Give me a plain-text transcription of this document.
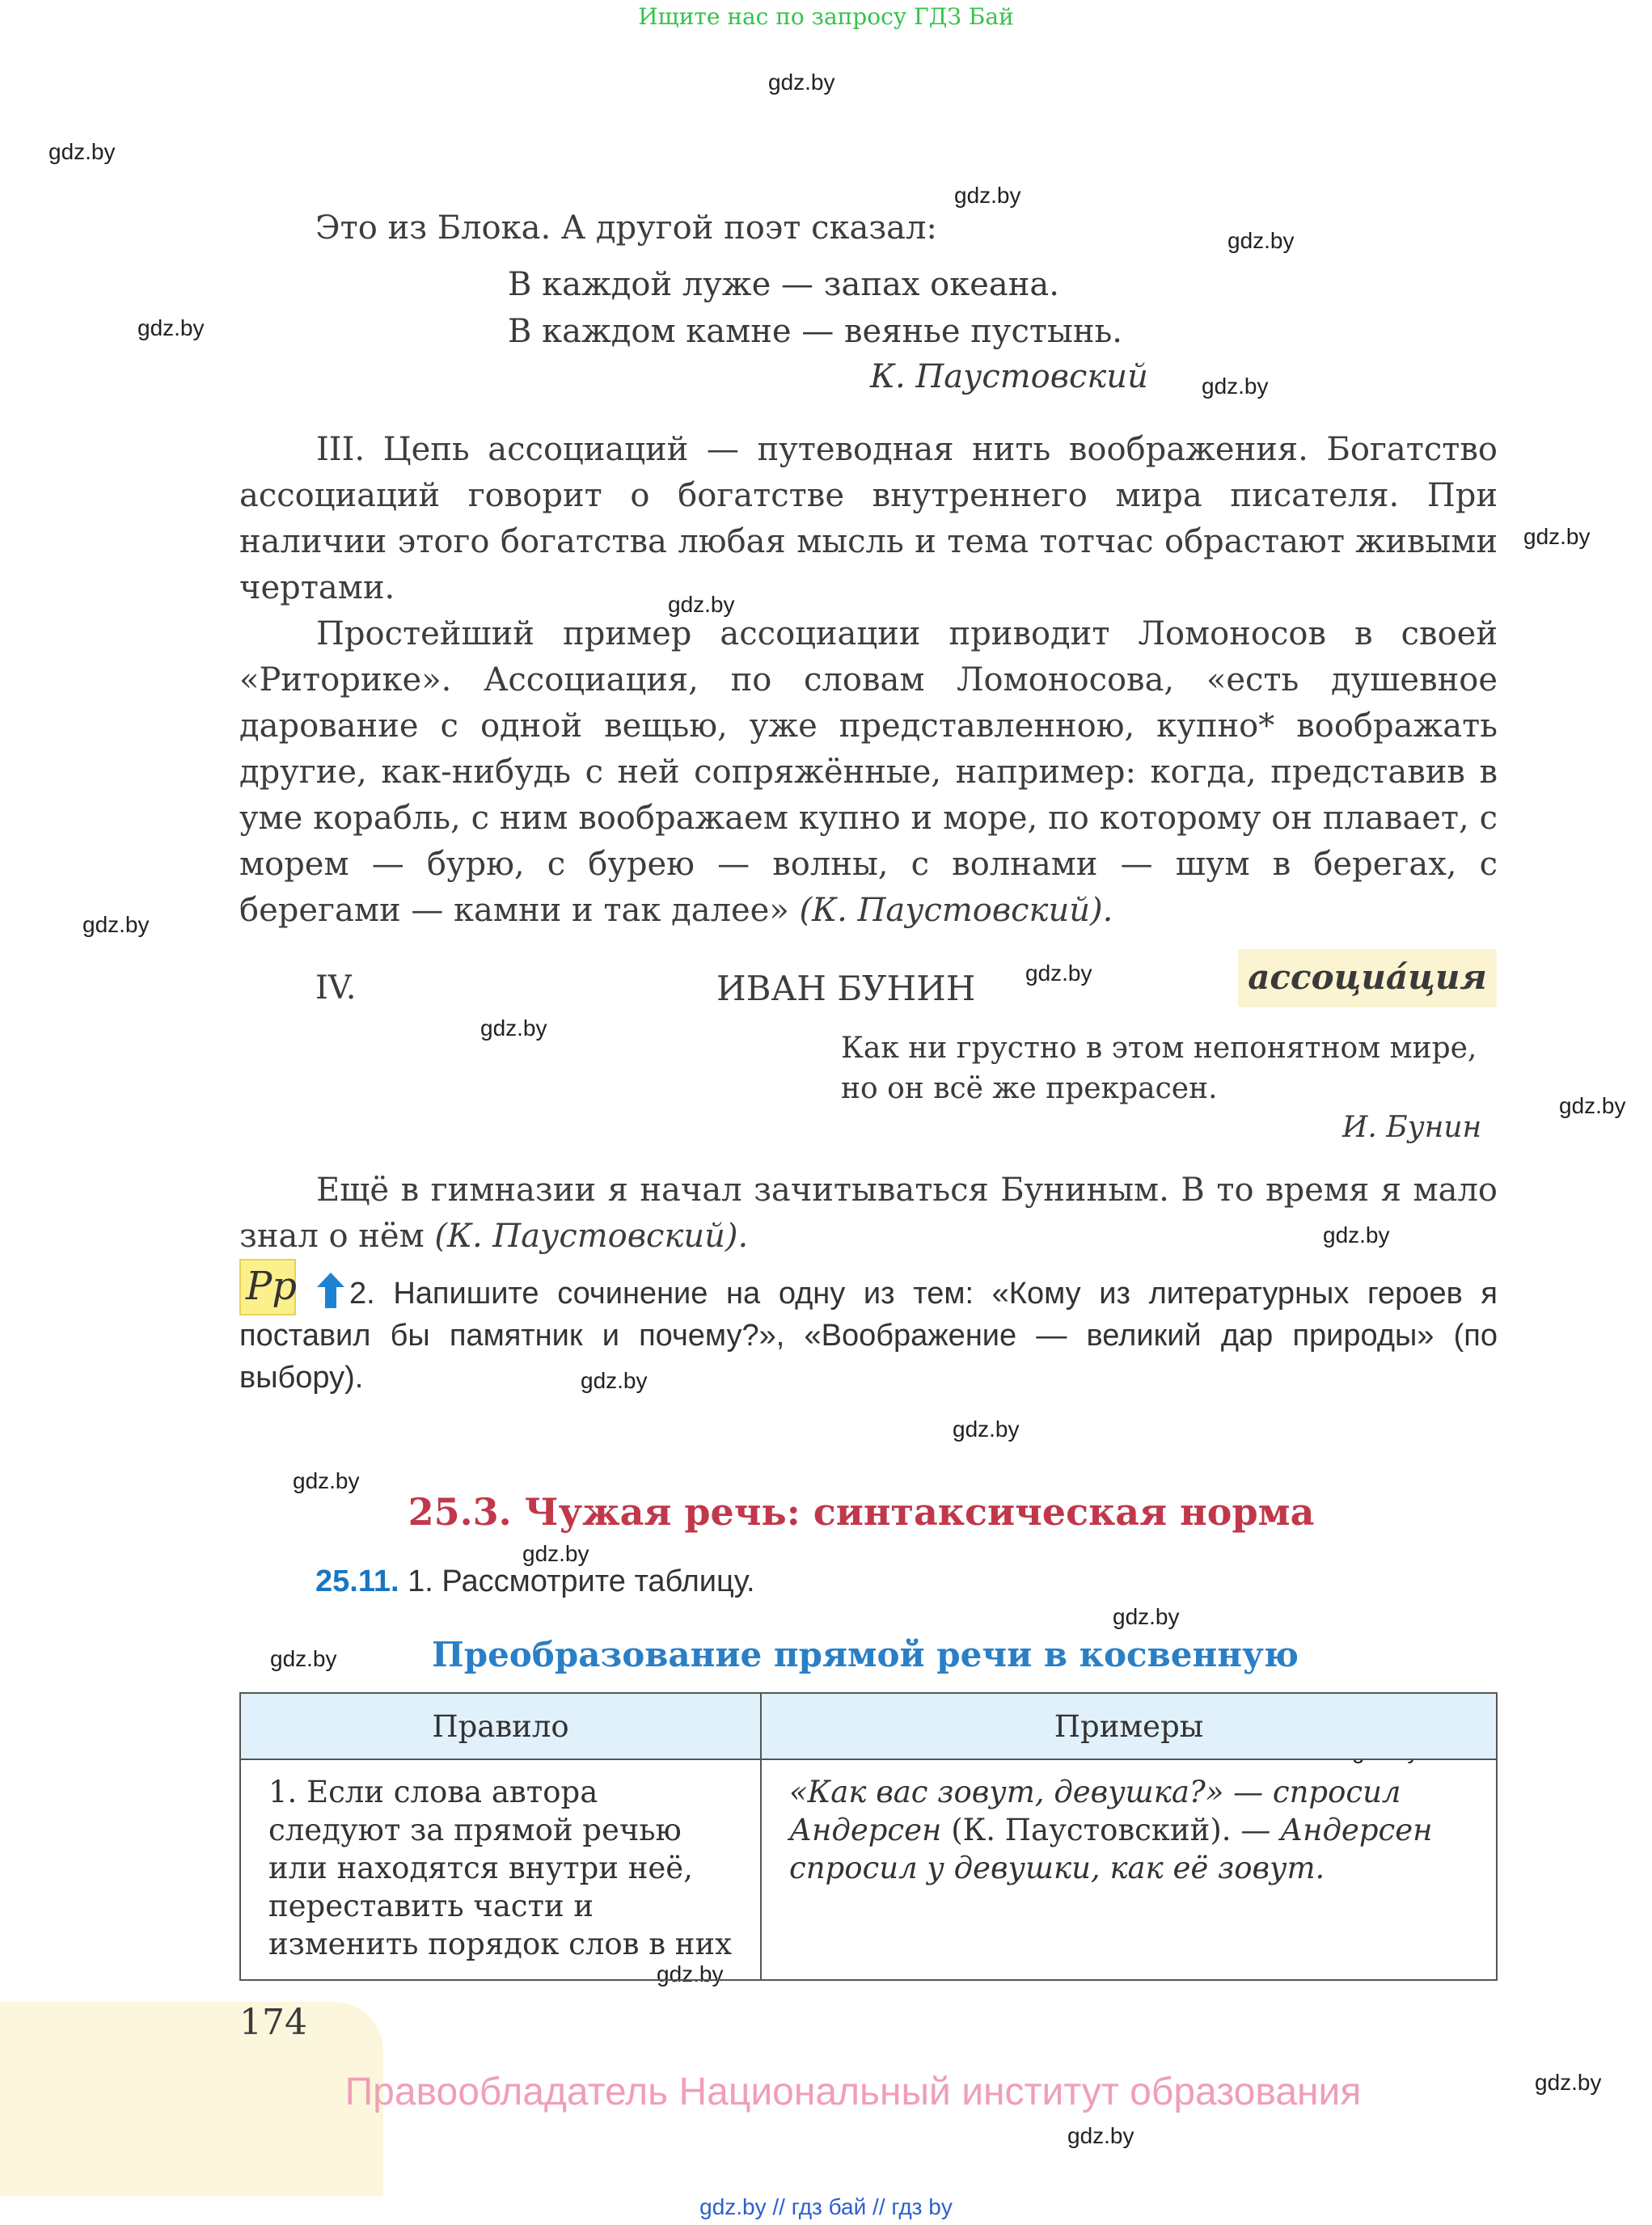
Ищите нас по запросу ГДЗ Бай
gdz.by
gdz.by
gdz.by
gdz.by
gdz.by
gdz.by
gdz.by
gdz.by
gdz.by
gdz.by
gdz.by
gdz.by
gdz.by
gdz.by
gdz.by
gdz.by
gdz.by
gdz.by
gdz.by
gdz.by
gdz.by
gdz.by
Это из Блока. А другой поэт сказал:
В каждой луже — запах океана.
В каждом камне — веянье пустынь.
К. Паустовский
III. Цепь ассоциаций — путеводная нить воображения. Богатство ассоциаций говорит о богатстве внутреннего мира писателя. При наличии этого богатства любая мысль и тема тотчас обрастают живыми чертами.
Простейший пример ассоциации приводит Ломоносов в своей «Риторике». Ассоциация, по словам Ломоносова, «есть душевное дарование с одной вещью, уже представленною, купно* воображать другие, как-нибудь с ней сопряжённые, например: когда, представив в уме корабль, с ним воображаем купно и море, по которому он плавает, с морем — бурю, с бурею — волны, с волнами — шум в берегах, с берегами — камни и так далее» (К. Паустовский).
ассоциа́ция
IV.	ИВАН БУНИН
Как ни грустно в этом непонятном мире,
но он всё же прекрасен.
И. Бунин
Ещё в гимназии я начал зачитываться Буниным. В то время я мало знал о нём (К. Паустовский).
Pp	2. Напишите сочинение на одну из тем: «Кому из литературных героев я поставил бы памятник и почему?», «Воображение — великий дар природы» (по выбору).
25.3. Чужая речь: синтаксическая норма
25.11. 1. Рассмотрите таблицу.
Преобразование прямой речи в косвенную
Правило	Примеры
1. Если слова автора следуют за прямой речью или находятся внутри неё, переставить части и изменить порядок слов в них	«Как вас зовут, девушка?» — спросил Андерсен (К. Паустовский). — Андерсен спросил у девушки, как её зовут.
174
Правообладатель Национальный институт образования
gdz.by // гдз бай // гдз by
